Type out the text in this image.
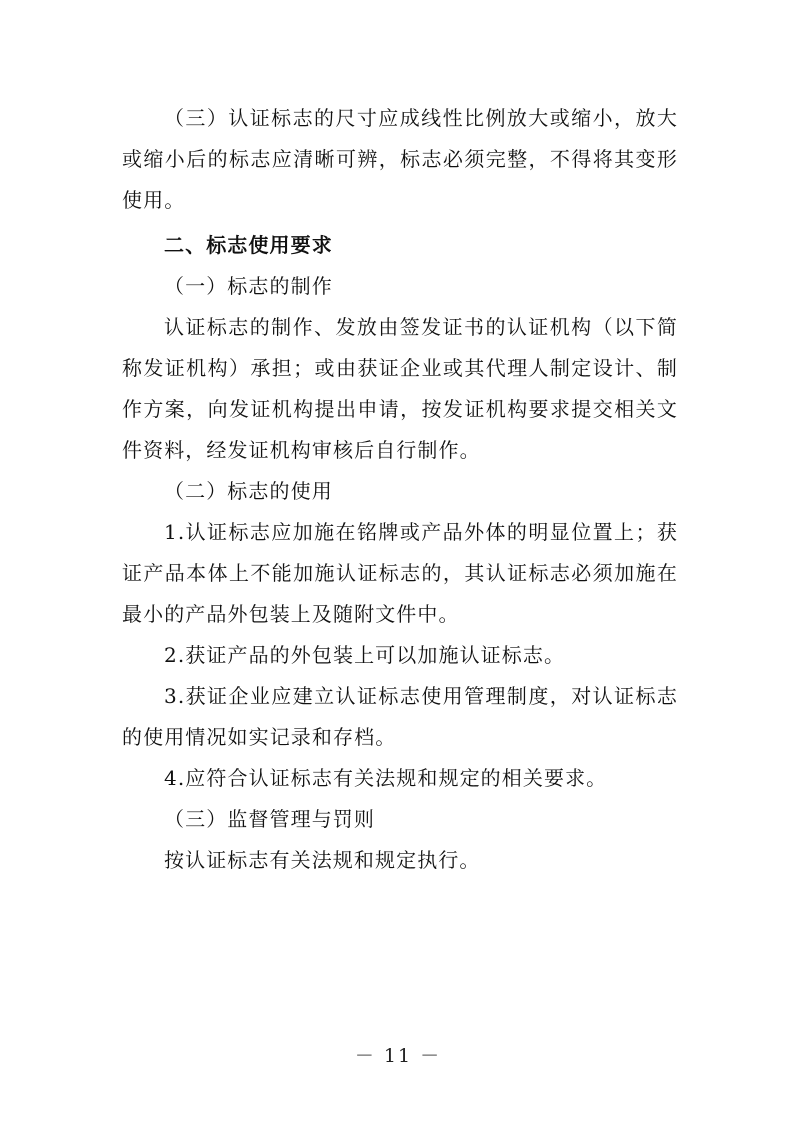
（三）认证标志的尺寸应成线性比例放大或缩小，放大或缩小后的标志应清晰可辨，标志必须完整，不得将其变形使用。

二、标志使用要求

（一）标志的制作

认证标志的制作、发放由签发证书的认证机构（以下简称发证机构）承担；或由获证企业或其代理人制定设计、制作方案，向发证机构提出申请，按发证机构要求提交相关文件资料，经发证机构审核后自行制作。

（二）标志的使用

1.认证标志应加施在铭牌或产品外体的明显位置上；获证产品本体上不能加施认证标志的，其认证标志必须加施在最小的产品外包装上及随附文件中。

2.获证产品的外包装上可以加施认证标志。

3.获证企业应建立认证标志使用管理制度，对认证标志的使用情况如实记录和存档。

4.应符合认证标志有关法规和规定的相关要求。

（三）监督管理与罚则

按认证标志有关法规和规定执行。

－ 11 －
